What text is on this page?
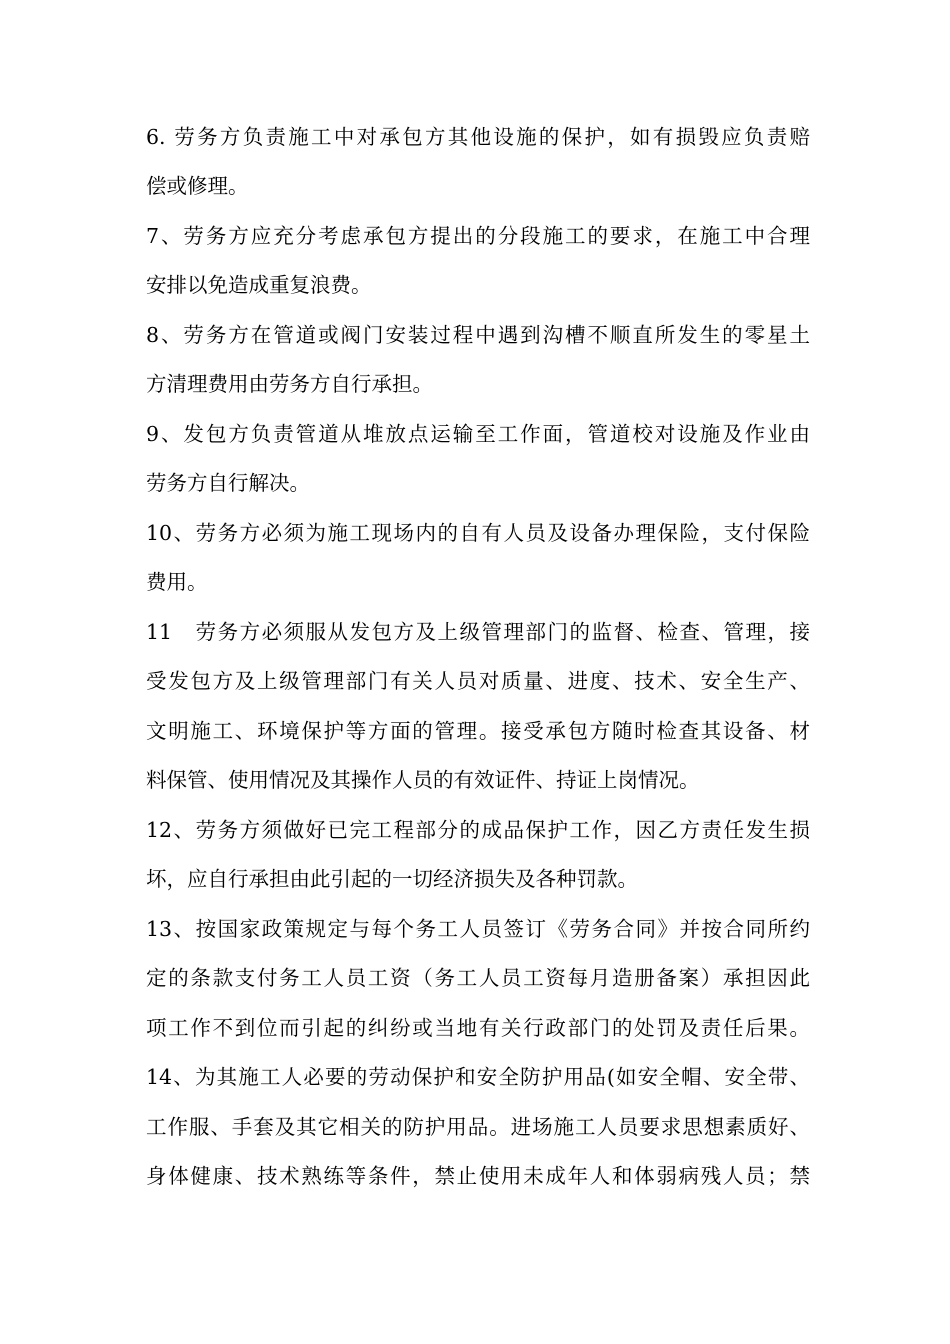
6. 劳务方负责施工中对承包方其他设施的保护，如有损毁应负责赔
偿或修理。
7、劳务方应充分考虑承包方提出的分段施工的要求，在施工中合理
安排以免造成重复浪费。
8、劳务方在管道或阀门安装过程中遇到沟槽不顺直所发生的零星土
方清理费用由劳务方自行承担。
9、发包方负责管道从堆放点运输至工作面，管道校对设施及作业由
劳务方自行解决。
10、劳务方必须为施工现场内的自有人员及设备办理保险，支付保险
费用。
11　劳务方必须服从发包方及上级管理部门的监督、检查、管理，接
受发包方及上级管理部门有关人员对质量、进度、技术、安全生产、
文明施工、环境保护等方面的管理。接受承包方随时检查其设备、材
料保管、使用情况及其操作人员的有效证件、持证上岗情况。
12、劳务方须做好已完工程部分的成品保护工作，因乙方责任发生损
坏，应自行承担由此引起的一切经济损失及各种罚款。
13、按国家政策规定与每个务工人员签订《劳务合同》并按合同所约
定的条款支付务工人员工资（务工人员工资每月造册备案）承担因此
项工作不到位而引起的纠纷或当地有关行政部门的处罚及责任后果。
14、为其施工人必要的劳动保护和安全防护用品(如安全帽、安全带、
工作服、手套及其它相关的防护用品。进场施工人员要求思想素质好、
身体健康、技术熟练等条件，禁止使用未成年人和体弱病残人员；禁
